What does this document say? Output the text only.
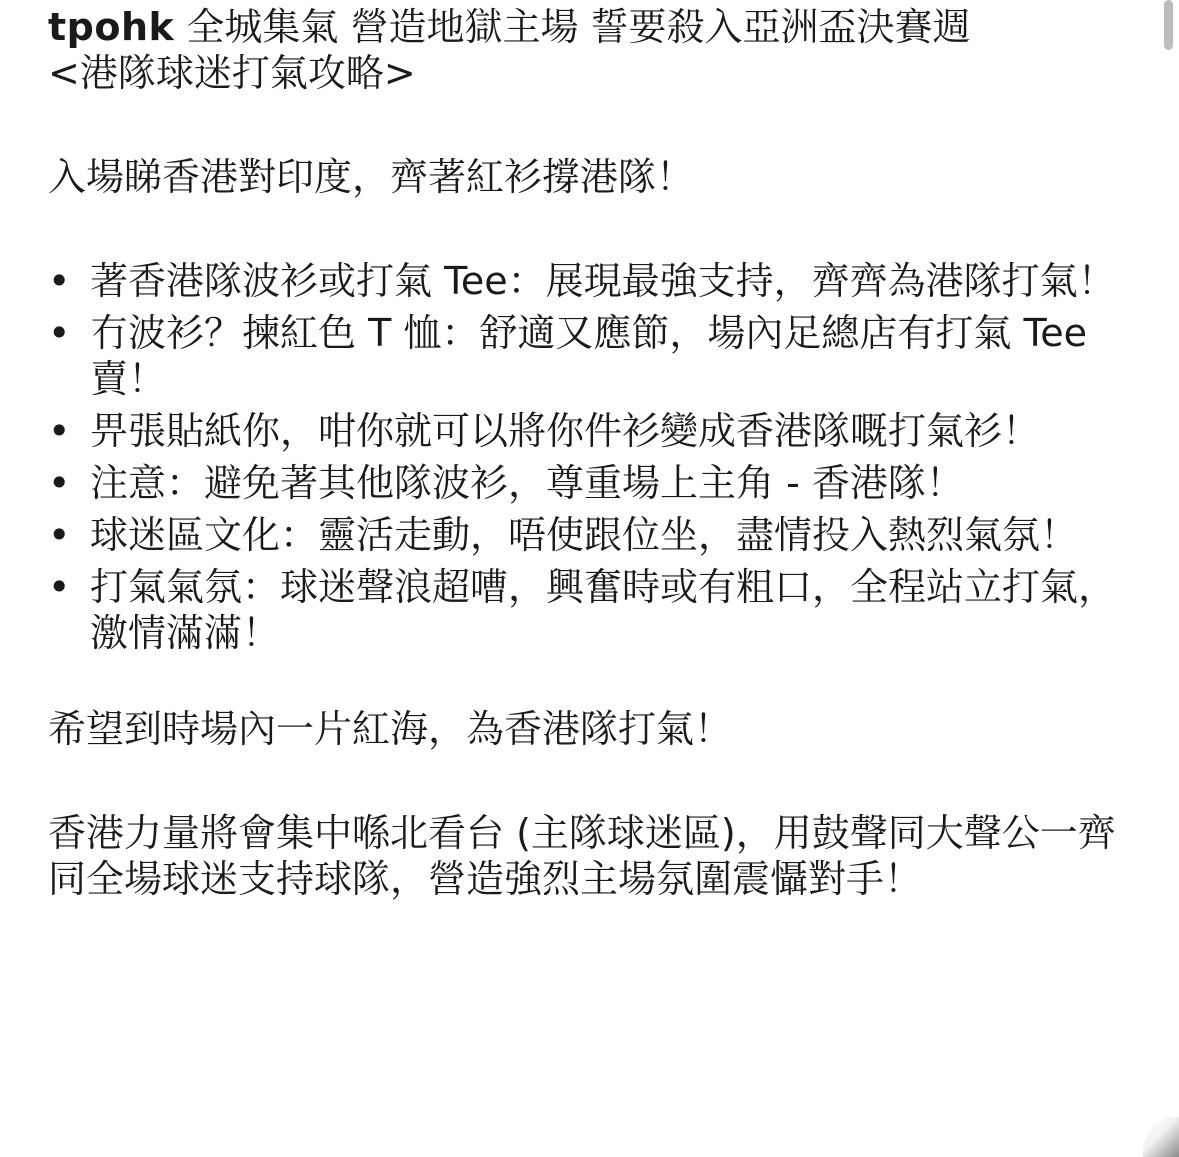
tpohk 全城集氣 營造地獄主場 誓要殺入亞洲盃決賽週

<港隊球迷打氣攻略>

入場睇香港對印度，齊著紅衫撐港隊！

• 著香港隊波衫或打氣 Tee：展現最強支持，齊齊為港隊打氣！
• 冇波衫？揀紅色 T 恤：舒適又應節，場內足總店有打氣 Tee 賣！
• 畀張貼紙你，咁你就可以將你件衫變成香港隊嘅打氣衫！
• 注意：避免著其他隊波衫，尊重場上主角 - 香港隊！
• 球迷區文化：靈活走動，唔使跟位坐，盡情投入熱烈氣氛！
• 打氣氣氛：球迷聲浪超嘈，興奮時或有粗口，全程站立打氣，激情滿滿！

希望到時場內一片紅海，為香港隊打氣！

香港力量將會集中喺北看台 (主隊球迷區)，用鼓聲同大聲公一齊同全場球迷支持球隊，營造強烈主場氛圍震懾對手！
